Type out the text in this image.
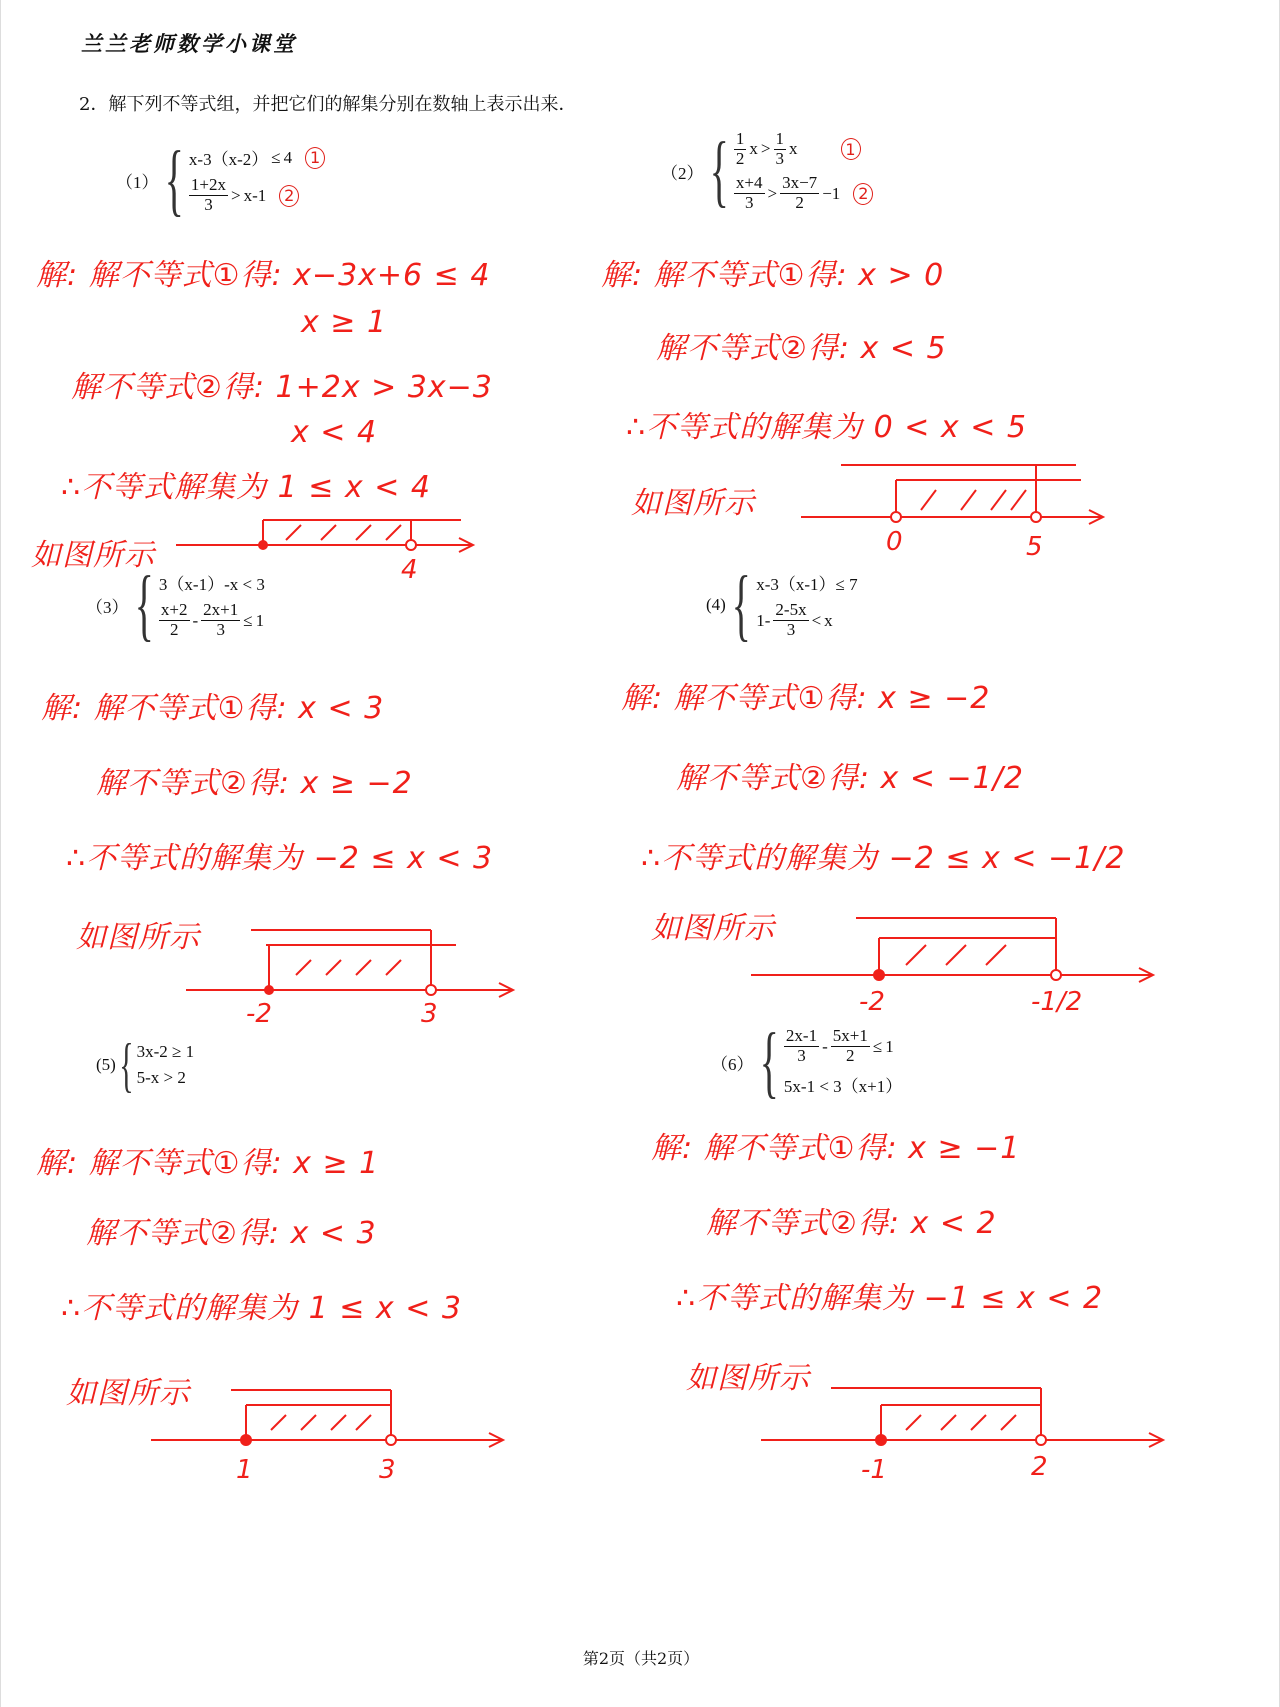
兰兰老师数学小课堂
2．解下列不等式组，并把它们的解集分别在数轴上表示出来．
（1） { x-3（x-2） ≤ 4	1
$\frac{1+2x}{3} > x-1$	2
解: 解不等式①得: x−3x+6 ≤ 4
x ≥ 1
解不等式②得: 1+2x > 3x−3
x < 4
∴不等式解集为 1 ≤ x < 4
如图所示	4
（2） { $\frac{1}{2}$ $x > \frac{1}{3}$ x	1
$\frac{x+4}{3} > \frac{3x-7}{2} -1$	2
解: 解不等式①得: x > 0
解不等式②得: x < 5
∴不等式的解集为 0 < x < 5
如图所示
0	5
（3） { 3（x-1）-x < 3
$\frac{x+2}{2} - \frac{2x+1}{3} \le 1$
解: 解不等式①得: x < 3
解不等式②得: x ≥ −2
∴不等式的解集为 −2 ≤ x < 3
如图所示
-2	3
(4) { x-3（x-1）≤ 7
$1- \frac{2-5x}{3} < x$
解: 解不等式①得: x ≥ −2
解不等式②得: x < −1/2
∴不等式的解集为 −2 ≤ x < −1/2
如图所示
-2	-1/2
(5) { 3x-2 ≥ 1
5-x > 2
解: 解不等式①得: x ≥ 1
解不等式②得: x < 3
∴不等式的解集为 1 ≤ x < 3
如图所示
1	3
（6） { $\frac{2x-1}{3} - \frac{5x+1}{2} \le 1$
5x-1 < 3（x+1）
解: 解不等式①得: x ≥ −1
解不等式②得: x < 2
∴不等式的解集为 −1 ≤ x < 2
如图所示
-1	2
第2页（共2页）
